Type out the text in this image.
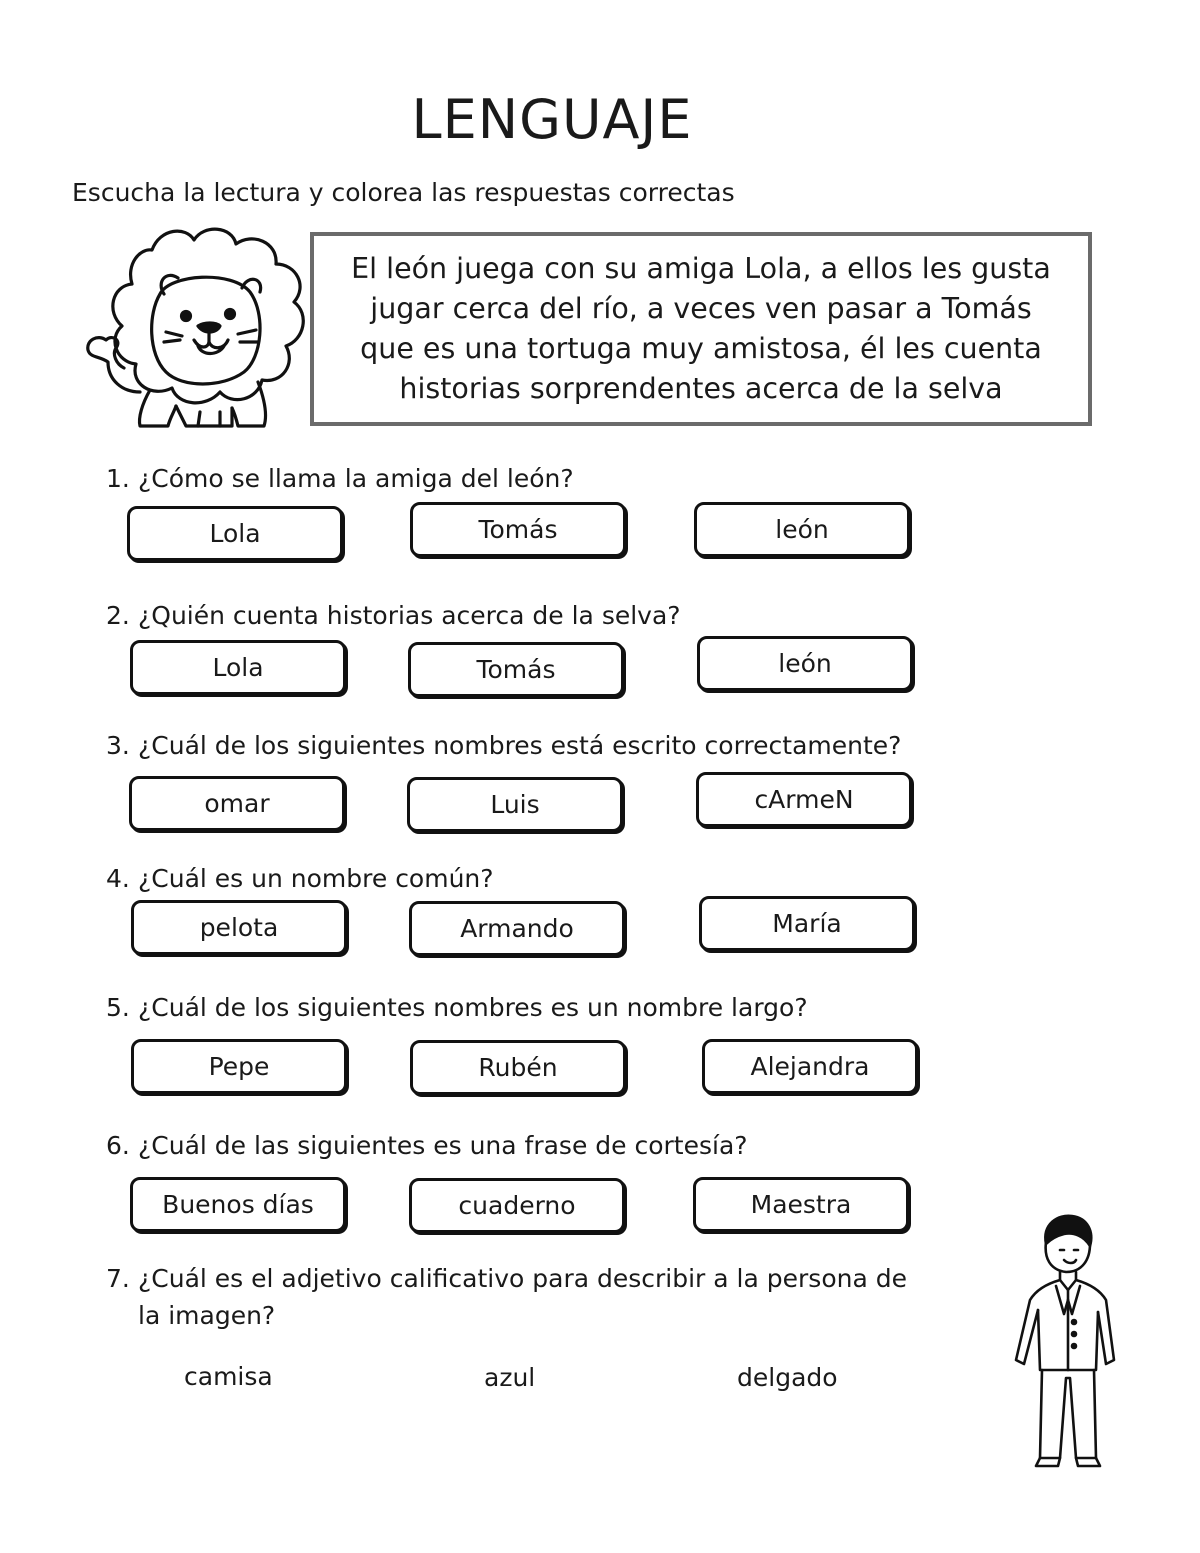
LENGUAJE
Escucha la lectura y colorea las respuestas correctas

El león juega con su amiga Lola, a ellos les gusta
jugar cerca del río, a veces ven pasar a Tomás
que es una tortuga muy amistosa, él les cuenta
historias sorprendentes acerca de la selva

1. ¿Cómo se llama la amiga del león?
Lola	Tomás	león
2. ¿Quién cuenta historias acerca de la selva?
Lola	Tomás	león
3. ¿Cuál de los siguientes nombres está escrito correctamente?
omar	Luis	cArmeN
4. ¿Cuál es un nombre común?
pelota	Armando	María
5. ¿Cuál de los siguientes nombres es un nombre largo?
Pepe	Rubén	Alejandra
6. ¿Cuál de las siguientes es una frase de cortesía?
Buenos días	cuaderno	Maestra
7. ¿Cuál es el adjetivo calificativo para describir a la persona de
la imagen?
camisa	azul	delgado
